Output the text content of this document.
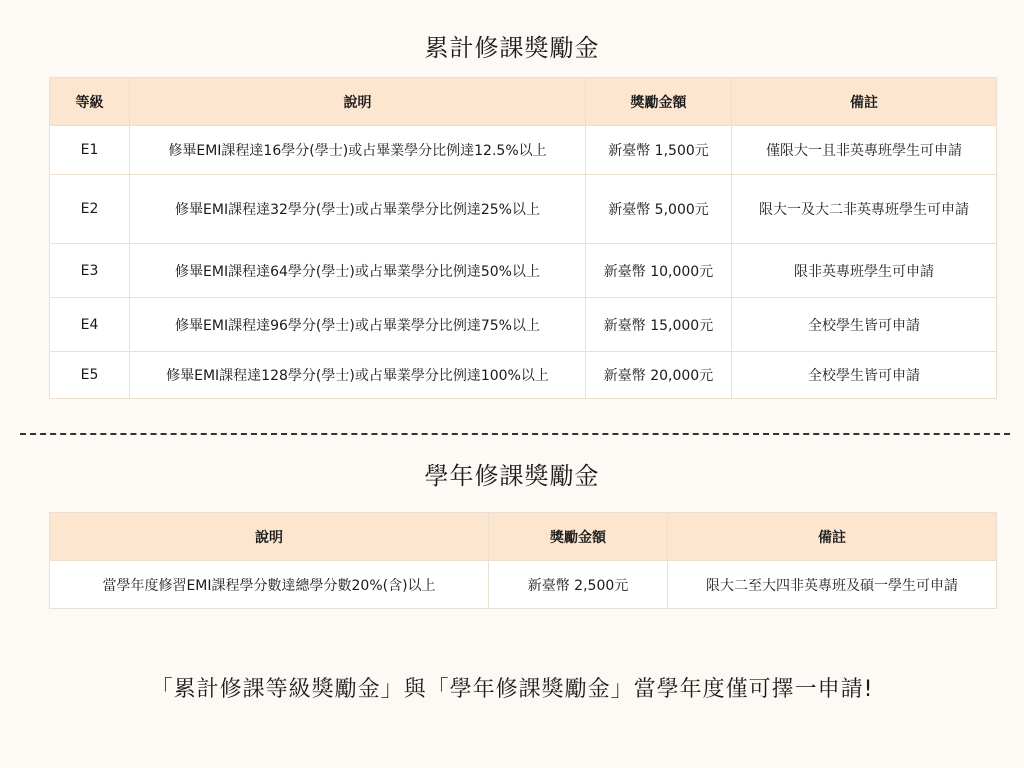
累計修課獎勵金
等級	說明	獎勵金額	備註
E1	修畢EMI課程達16學分(學士)或占畢業學分比例達12.5%以上	新臺幣 1,500元	僅限大一且非英專班學生可申請
E2	修畢EMI課程達32學分(學士)或占畢業學分比例達25%以上	新臺幣 5,000元	限大一及大二非英專班學生可申請
E3	修畢EMI課程達64學分(學士)或占畢業學分比例達50%以上	新臺幣 10,000元	限非英專班學生可申請
E4	修畢EMI課程達96學分(學士)或占畢業學分比例達75%以上	新臺幣 15,000元	全校學生皆可申請
E5	修畢EMI課程達128學分(學士)或占畢業學分比例達100%以上	新臺幣 20,000元	全校學生皆可申請
學年修課獎勵金
說明	獎勵金額	備註
當學年度修習EMI課程學分數達總學分數20%(含)以上	新臺幣 2,500元	限大二至大四非英專班及碩一學生可申請

「累計修課等級獎勵金」與「學年修課獎勵金」當學年度僅可擇一申請!
